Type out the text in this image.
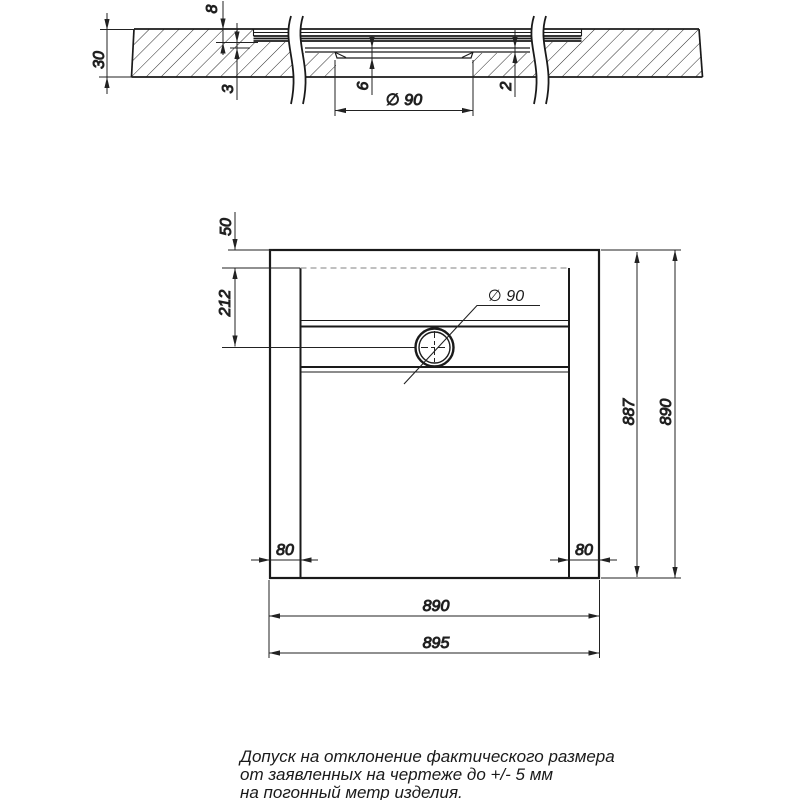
30
8
3	6	2
∅ 90
∅ 90
50
212
80	80
890
895
887 890
Допуск на отклонение фактического размера
от заявленных на чертеже до +/- 5 мм
на погонный метр изделия.
